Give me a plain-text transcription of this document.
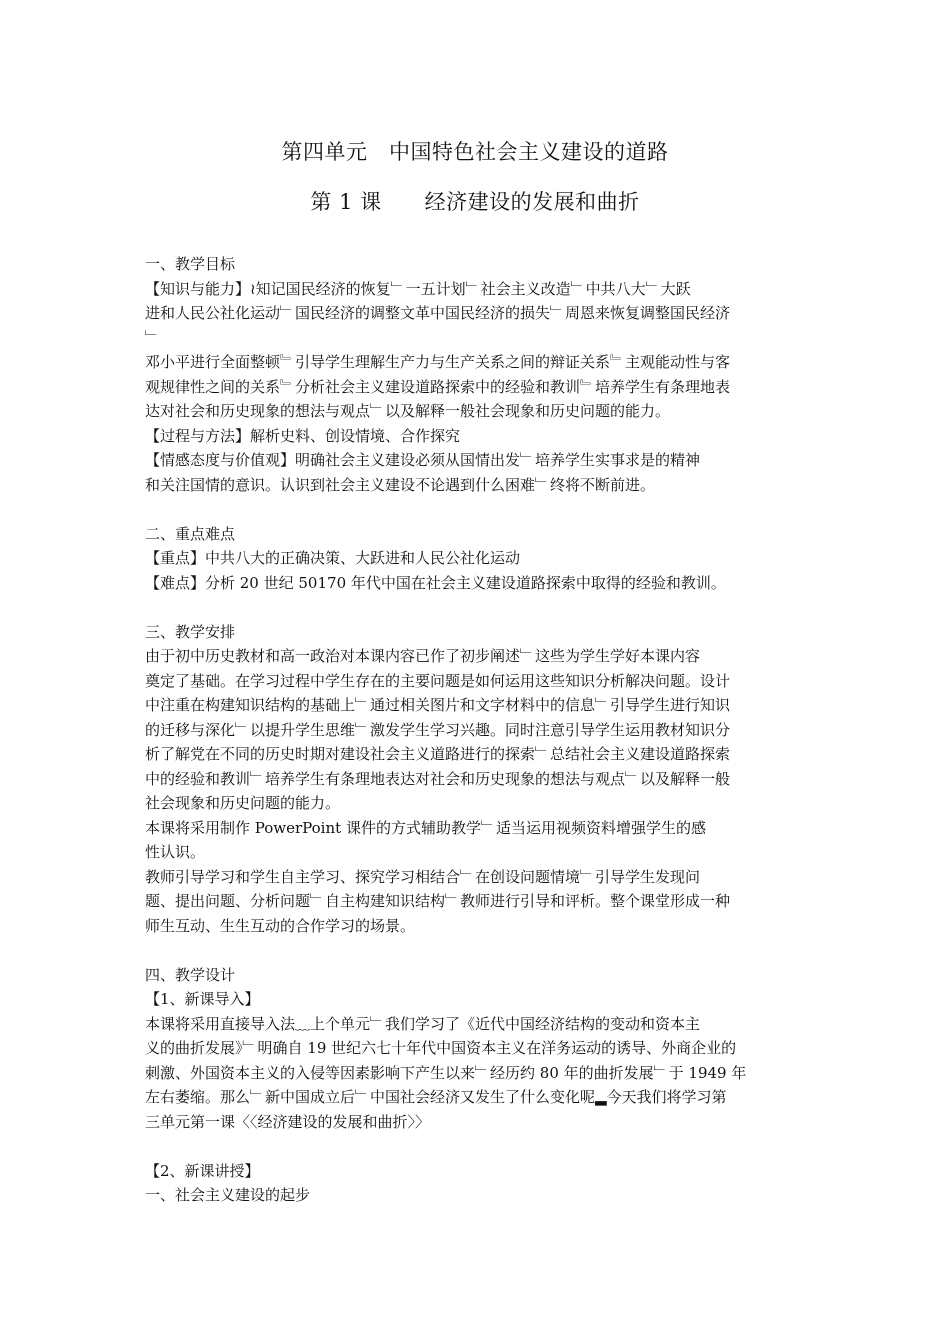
第四单元　中国特色社会主义建设的道路
第 1 课　　经济建设的发展和曲折
一、教学目标
【知识与能力】≀知记国民经济的恢复﹂一五计划﹂社会主义改造﹂中共八大﹂大跃
进和人民公社化运动﹂国民经济的调整文革中国民经济的损失﹂周恩来恢复调整国民经济
﹂
邓小平进行全面整顿﹄引导学生理解生产力与生产关系之间的辩证关系﹄主观能动性与客
观规律性之间的关系﹄分析社会主义建设道路探索中的经验和教训﹄培养学生有条理地表
达对社会和历史现象的想法与观点﹂以及解释一般社会现象和历史问题的能力。
【过程与方法】解析史料、创设情境、合作探究
【情感态度与价值观】明确社会主义建设必须从国情出发﹂培养学生实事求是的精神
和关注国情的意识。认识到社会主义建设不论遇到什么困难﹂终将不断前进。
二、重点难点
【重点】中共八大的正确决策、大跃进和人民公社化运动
【难点】分析 20 世纪 50170 年代中国在社会主义建设道路探索中取得的经验和教训。
三、教学安排
由于初中历史教材和高一政治对本课内容已作了初步阐述﹂这些为学生学好本课内容
奠定了基础。在学习过程中学生存在的主要问题是如何运用这些知识分析解决问题。设计
中注重在构建知识结构的基础上﹂通过相关图片和文字材料中的信息﹂引导学生进行知识
的迁移与深化﹂以提升学生思维﹂激发学生学习兴趣。同时注意引导学生运用教材知识分
析了解党在不同的历史时期对建设社会主义道路进行的探索﹂总结社会主义建设道路探索
中的经验和教训﹂培养学生有条理地表达对社会和历史现象的想法与观点﹂以及解释一般
社会现象和历史问题的能力。
本课将采用制作 PowerPoint 课件的方式辅助教学﹂适当运用视频资料增强学生的感
性认识。
教师引导学习和学生自主学习、探究学习相结合﹂在创设问题情境﹂引导学生发现问
题、提出问题、分析问题﹂自主构建知识结构﹂教师进行引导和评析。整个课堂形成一种
师生互动、生生互动的合作学习的场景。
四、教学设计
【1、新课导入】
本课将采用直接导入法﹏上个单元﹂我们学习了《近代中国经济结构的变动和资本主
义的曲折发展》﹂明确自 19 世纪六七十年代中国资本主义在洋务运动的诱导、外商企业的
刺激、外国资本主义的入侵等因素影响下产生以来﹂经历约 80 年的曲折发展﹂于 1949 年
左右萎缩。那么﹂新中国成立后﹂中国社会经济又发生了什么变化呢▂今天我们将学习第
三单元第一课〈〈经济建设的发展和曲折〉〉
【2、新课讲授】
一、社会主义建设的起步
